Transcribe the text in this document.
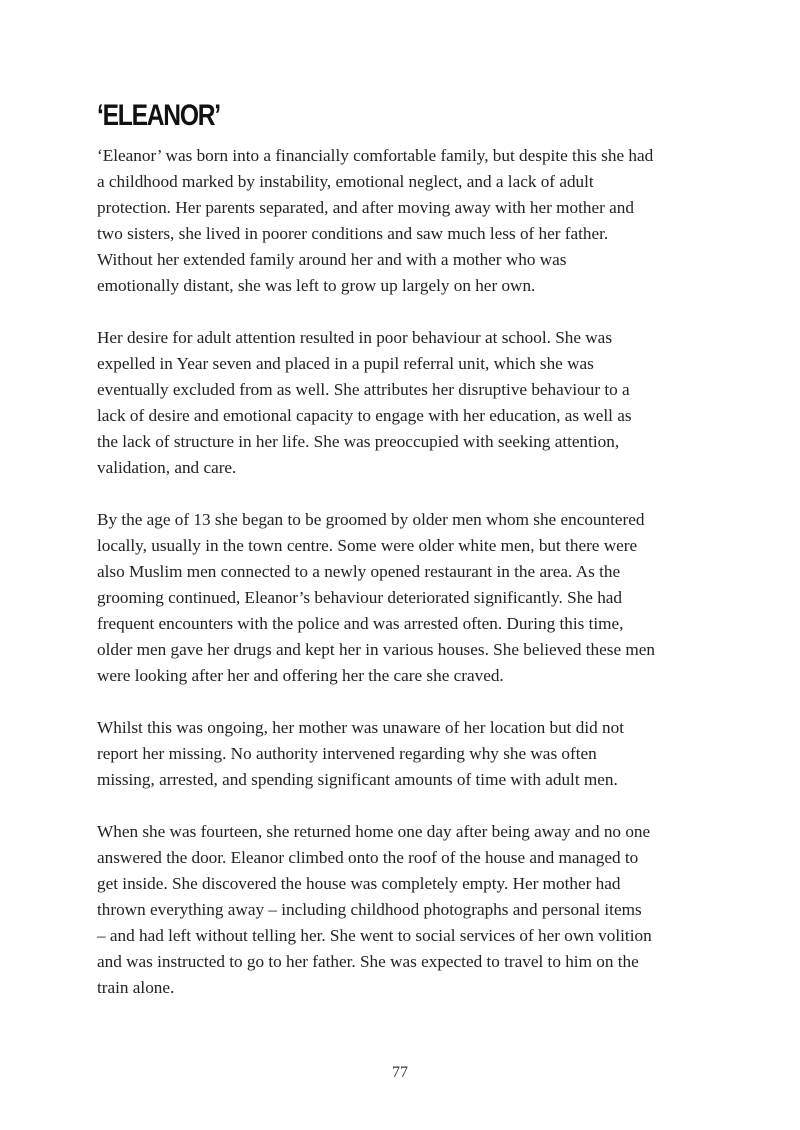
‘ELEANOR’

‘Eleanor’ was born into a financially comfortable family, but despite this she had
a childhood marked by instability, emotional neglect, and a lack of adult
protection. Her parents separated, and after moving away with her mother and
two sisters, she lived in poorer conditions and saw much less of her father.
Without her extended family around her and with a mother who was
emotionally distant, she was left to grow up largely on her own.

Her desire for adult attention resulted in poor behaviour at school. She was
expelled in Year seven and placed in a pupil referral unit, which she was
eventually excluded from as well. She attributes her disruptive behaviour to a
lack of desire and emotional capacity to engage with her education, as well as
the lack of structure in her life. She was preoccupied with seeking attention,
validation, and care.

By the age of 13 she began to be groomed by older men whom she encountered
locally, usually in the town centre. Some were older white men, but there were
also Muslim men connected to a newly opened restaurant in the area. As the
grooming continued, Eleanor’s behaviour deteriorated significantly. She had
frequent encounters with the police and was arrested often. During this time,
older men gave her drugs and kept her in various houses. She believed these men
were looking after her and offering her the care she craved.

Whilst this was ongoing, her mother was unaware of her location but did not
report her missing. No authority intervened regarding why she was often
missing, arrested, and spending significant amounts of time with adult men.

When she was fourteen, she returned home one day after being away and no one
answered the door. Eleanor climbed onto the roof of the house and managed to
get inside. She discovered the house was completely empty. Her mother had
thrown everything away – including childhood photographs and personal items
– and had left without telling her. She went to social services of her own volition
and was instructed to go to her father. She was expected to travel to him on the
train alone.

77
